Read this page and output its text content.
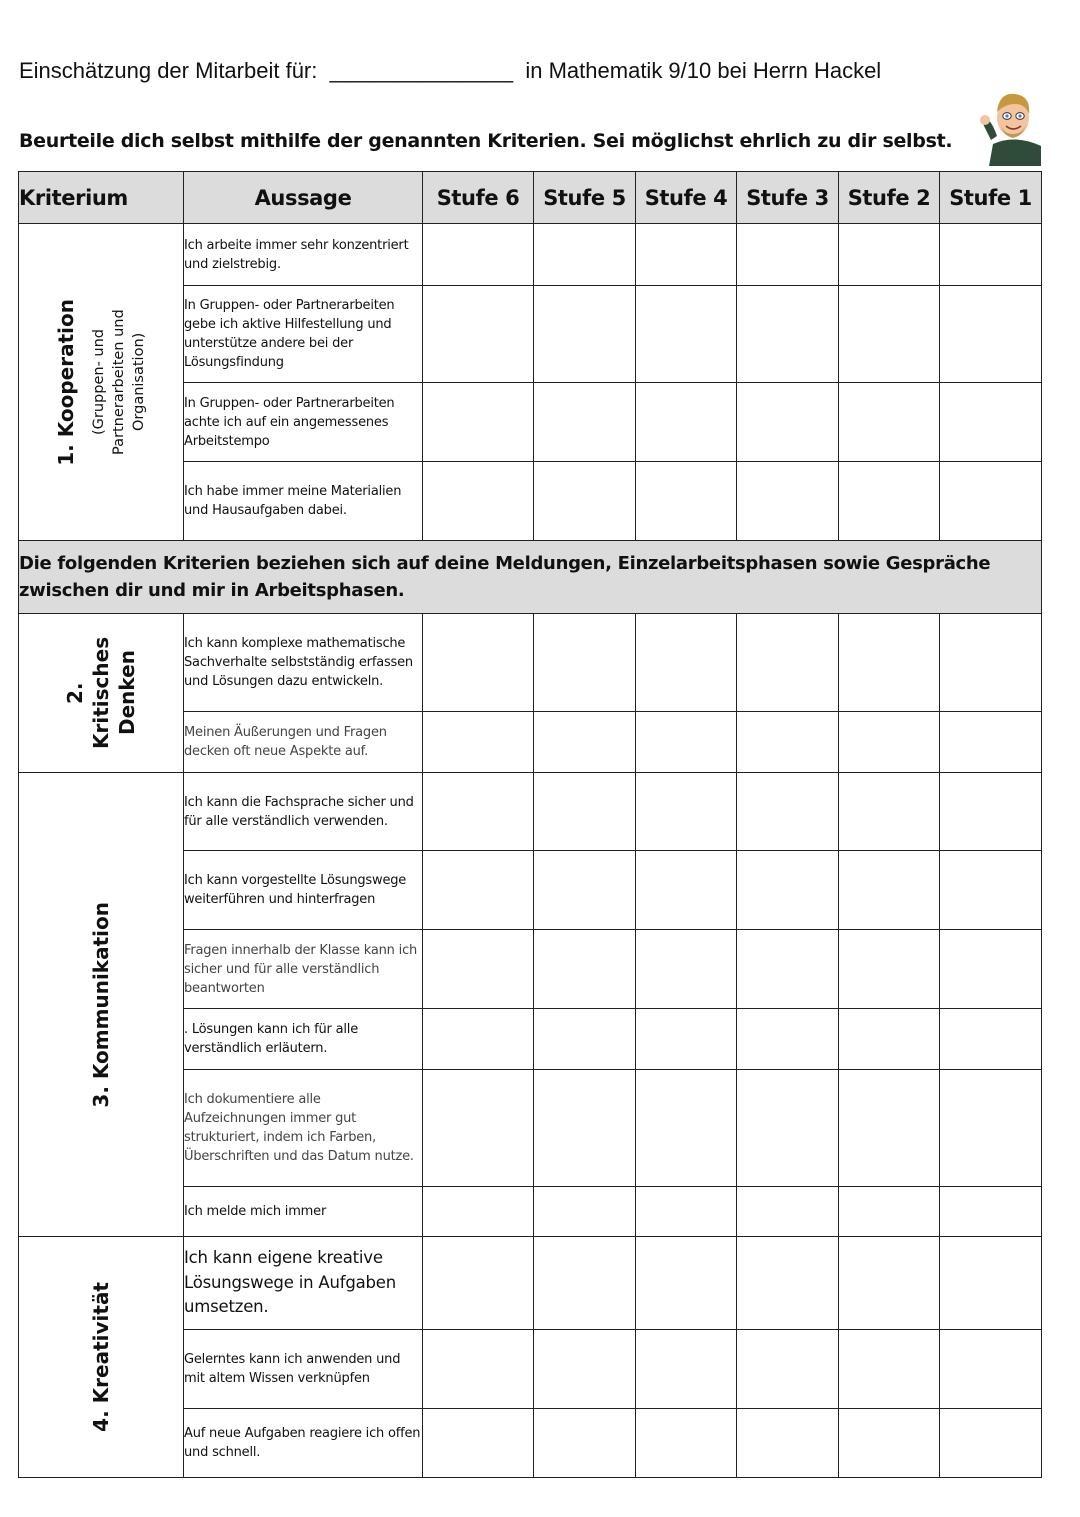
Einschätzung der Mitarbeit für: _______________ in Mathematik 9/10 bei Herrn Hackel
Beurteile dich selbst mithilfe der genannten Kriterien. Sei möglichst ehrlich zu dir selbst.
Kriterium	Aussage	Stufe 6	Stufe 5	Stufe 4	Stufe 3	Stufe 2	Stufe 1

1. Kooperation (Gruppen- und Partnerarbeiten und Organisation)	Ich arbeite immer sehr konzentriert und zielstrebig.						
	In Gruppen- oder Partnerarbeiten gebe ich aktive Hilfestellung und unterstütze andere bei der Lösungsfindung						
	In Gruppen- oder Partnerarbeiten achte ich auf ein angemessenes Arbeitstempo						
	Ich habe immer meine Materialien und Hausaufgaben dabei.						
Die folgenden Kriterien beziehen sich auf deine Meldungen, Einzelarbeitsphasen sowie Gespräche zwischen dir und mir in Arbeitsphasen.							

2. Kritisches Denken	Ich kann komplexe mathematische Sachverhalte selbstständig erfassen und Lösungen dazu entwickeln.						
	Meinen Äußerungen und Fragen decken oft neue Aspekte auf.						

3. Kommunikation	Ich kann die Fachsprache sicher und für alle verständlich verwenden.						
	Ich kann vorgestellte Lösungswege weiterführen und hinterfragen						
	Fragen innerhalb der Klasse kann ich sicher und für alle verständlich beantworten						
	. Lösungen kann ich für alle verständlich erläutern.						
	Ich dokumentiere alle Aufzeichnungen immer gut strukturiert, indem ich Farben, Überschriften und das Datum nutze.						
	Ich melde mich immer						

4. Kreativität	Ich kann eigene kreative Lösungswege in Aufgaben umsetzen.						
	Gelerntes kann ich anwenden und mit altem Wissen verknüpfen						
	Auf neue Aufgaben reagiere ich offen und schnell.						
